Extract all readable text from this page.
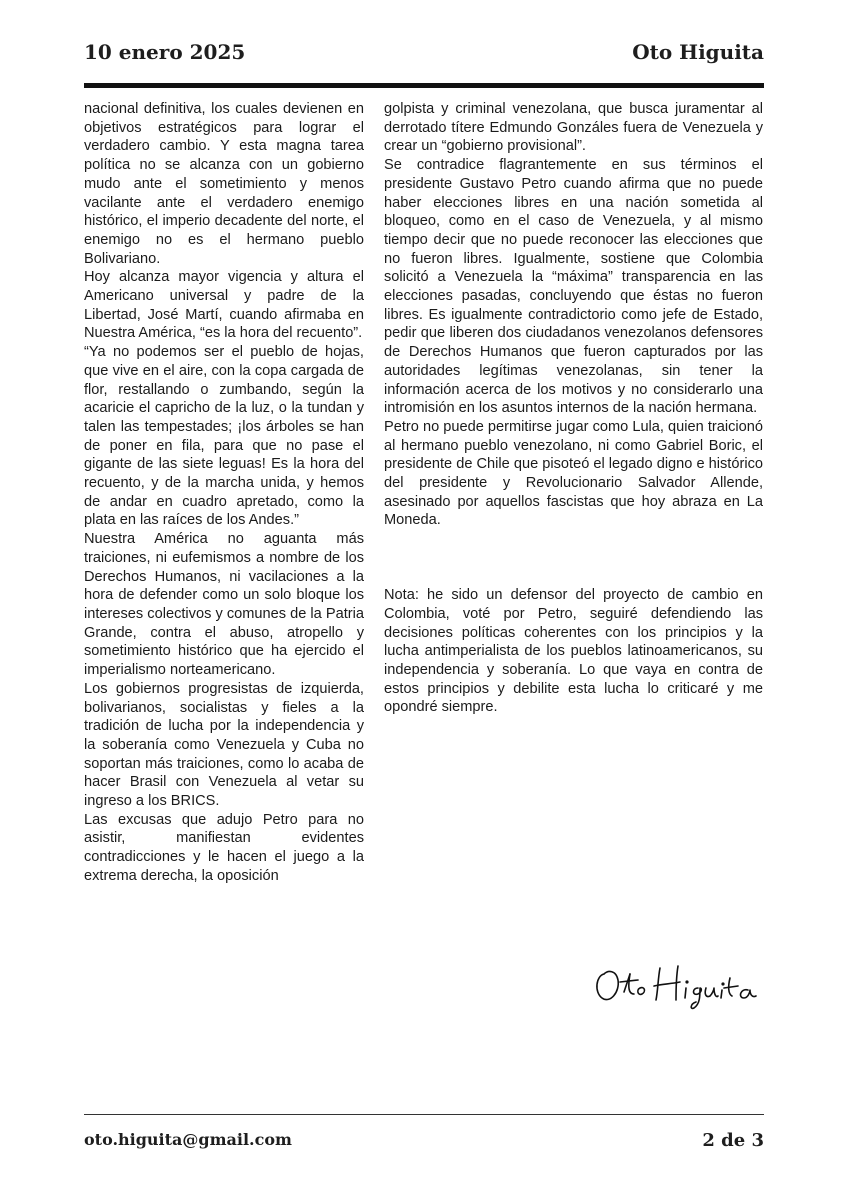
10 enero 2025	Oto Higuita

nacional definitiva, los cuales devienen en objetivos estratégicos para lograr el verdadero cambio. Y esta magna tarea política no se alcanza con un gobierno mudo ante el sometimiento y menos vacilante ante el verdadero enemigo histórico, el imperio decadente del norte, el enemigo no es el hermano pueblo Bolivariano.

Hoy alcanza mayor vigencia y altura el Americano universal y padre de la Libertad, José Martí, cuando afirmaba en Nuestra América, “es la hora del recuento”.

“Ya no podemos ser el pueblo de hojas, que vive en el aire, con la copa cargada de flor, restallando o zumbando, según la acaricie el capricho de la luz, o la tundan y talen las tempestades; ¡los árboles se han de poner en fila, para que no pase el gigante de las siete leguas! Es la hora del recuento, y de la marcha unida, y hemos de andar en cuadro apretado, como la plata en las raíces de los Andes.”

Nuestra América no aguanta más traiciones, ni eufemismos a nombre de los Derechos Humanos, ni vacilaciones a la hora de defender como un solo bloque los intereses colectivos y comunes de la Patria Grande, contra el abuso, atropello y sometimiento histórico que ha ejercido el imperialismo norteamericano.

Los gobiernos progresistas de izquierda, bolivarianos, socialistas y fieles a la tradición de lucha por la independencia y la soberanía como Venezuela y Cuba no soportan más traiciones, como lo acaba de hacer Brasil con Venezuela al vetar su ingreso a los BRICS.

Las excusas que adujo Petro para no asistir, manifiestan evidentes contradicciones y le hacen el juego a la extrema derecha, la oposición

golpista y criminal venezolana, que busca juramentar al derrotado títere Edmundo Gonzáles fuera de Venezuela y crear un “gobierno provisional”.

Se contradice flagrantemente en sus términos el presidente Gustavo Petro cuando afirma que no puede haber elecciones libres en una nación sometida al bloqueo, como en el caso de Venezuela, y al mismo tiempo decir que no puede reconocer las elecciones que no fueron libres. Igualmente, sostiene que Colombia solicitó a Venezuela la “máxima” transparencia en las elecciones pasadas, concluyendo que éstas no fueron libres. Es igualmente contradictorio como jefe de Estado, pedir que liberen dos ciudadanos venezolanos defensores de Derechos Humanos que fueron capturados por las autoridades legítimas venezolanas, sin tener la información acerca de los motivos y no considerarlo una intromisión en los asuntos internos de la nación hermana.

Petro no puede permitirse jugar como Lula, quien traicionó al hermano pueblo venezolano, ni como Gabriel Boric, el presidente de Chile que pisoteó el legado digno e histórico del presidente y Revolucionario Salvador Allende, asesinado por aquellos fascistas que hoy abraza en La Moneda.

Nota: he sido un defensor del proyecto de cambio en Colombia, voté por Petro, seguiré defendiendo las decisiones políticas coherentes con los principios y la lucha antimperialista de los pueblos latinoamericanos, su independencia y soberanía. Lo que vaya en contra de estos principios y debilite esta lucha lo criticaré y me opondré siempre.

oto.higuita@gmail.com	2 de 3
